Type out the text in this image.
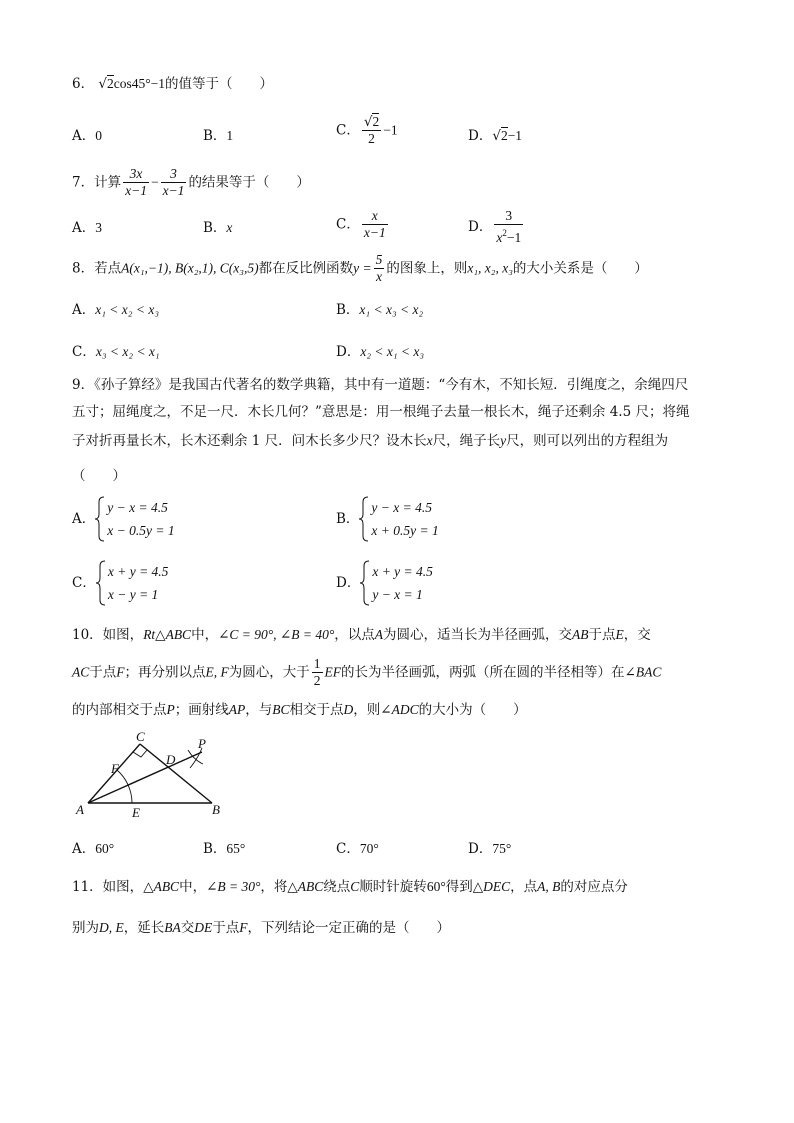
6． √2cos45°−1的值等于（　　）
A．0	B．1	C． $\frac{√2}{2} -1$	D．√2−1
7．计算 $\frac{3x}{x-1} - \frac{3}{x-1}$ 的结果等于（　　）
A．3	B．x	C． $\frac{x}{x-1}$	D． $\frac{3}{x^2-1}$
8．若点A(x₁,−1), B(x₂,1), C(x₃,5)都在反比例函数$y = \frac{5}{x}$ 的图象上，则x₁, x₂, x₃的大小关系是（　　）
A．x₁ < x₂ < x₃	B．x₁ < x₃ < x₂
C．x₃ < x₂ < x₁	D．x₂ < x₁ < x₃
9．《孙子算经》是我国古代著名的数学典籍，其中有一道题：“今有木，不知长短．引绳度之，余绳四尺
五寸；屈绳度之，不足一尺．木长几何？”意思是：用一根绳子去量一根长木，绳子还剩余 4.5 尺；将绳
子对折再量长木，长木还剩余 1 尺．问木长多少尺？设木长x尺，绳子长y尺，则可以列出的方程组为
（　　）
A．
y − x = 4.5
x − 0.5y = 1
B．
y − x = 4.5
x + 0.5y = 1
C．
x + y = 4.5
x − y = 1
D．
x + y = 4.5
y − x = 1
10．如图，Rt△ABC中，∠C = 90°, ∠B = 40°，以点A为圆心，适当长为半径画弧，交AB于点E，交
AC于点F；再分别以点E, F为圆心，大于 $\frac{1}{2}$ EF的长为半径画弧，两弧（所在圆的半径相等）在∠BAC
的内部相交于点P；画射线AP，与BC相交于点D，则∠ADC的大小为（　　）
A	B
C
D
E
F
P
A．60°	B．65°	C．70°	D．75°
11．如图，△ABC中，∠B = 30°，将△ABC绕点C顺时针旋转60°得到△DEC，点A, B的对应点分
别为D, E，延长BA交DE于点F，下列结论一定正确的是（　　）
